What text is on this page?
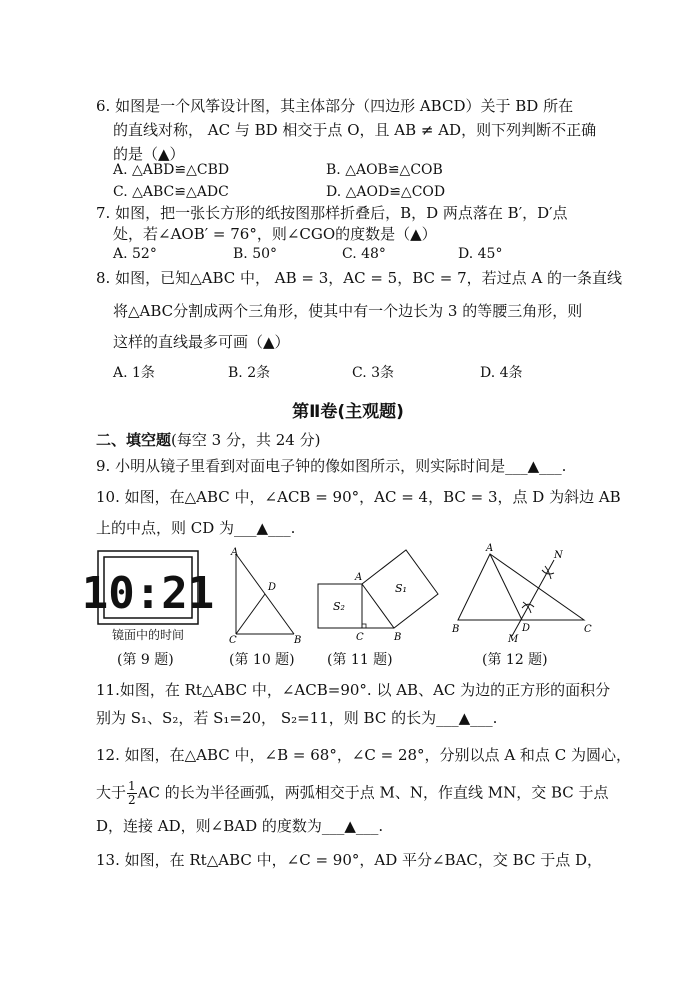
6. 如图是一个风筝设计图，其主体部分（四边形 ABCD）关于 BD 所在
的直线对称， AC 与 BD 相交于点 O，且 AB ≠ AD，则下列判断不正确
的是（▲）
A. △ABD≌△CBD	B. △AOB≌△COB
C. △ABC≌△ADC	D. △AOD≌△COD
7. 如图，把一张长方形的纸按图那样折叠后，B，D 两点落在 B′，D′点
处，若∠AOB′ = 76°，则∠CGO的度数是（▲）
A. 52°	B. 50°	C. 48°	D. 45°
8. 如图，已知△ABC 中， AB = 3，AC = 5，BC = 7，若过点 A 的一条直线
将△ABC分割成两个三角形，使其中有一个边长为 3 的等腰三角形，则
这样的直线最多可画（▲）
A. 1条	B. 2条	C. 3条	D. 4条
第Ⅱ卷(主观题)
二、填空题(每空 3 分，共 24 分)
9. 小明从镜子里看到对面电子钟的像如图所示，则实际时间是___▲___.
10. 如图，在△ABC 中，∠ACB = 90°，AC = 4，BC = 3，点 D 为斜边 AB
上的中点，则 CD 为___▲___.
10:21
镜面中的时间
A
D
C	B
A
S₁
S₂
C	B
A
N
B
M
D	C
(第 9 题)	(第 10 题) (第 11 题)	(第 12 题)
11.如图，在 Rt△ABC 中，∠ACB=90°. 以 AB、AC 为边的正方形的面积分
别为 S₁、S₂，若 S₁=20， S₂=11，则 BC 的长为___▲___.
12. 如图，在△ABC 中，∠B = 68°，∠C = 28°，分别以点 A 和点 C 为圆心，
大于 $\frac{1}{2}$ AC 的长为半径画弧，两弧相交于点 M、N，作直线 MN，交 BC 于点
D，连接 AD，则∠BAD 的度数为___▲___.
13. 如图，在 Rt△ABC 中，∠C = 90°，AD 平分∠BAC，交 BC 于点 D，
